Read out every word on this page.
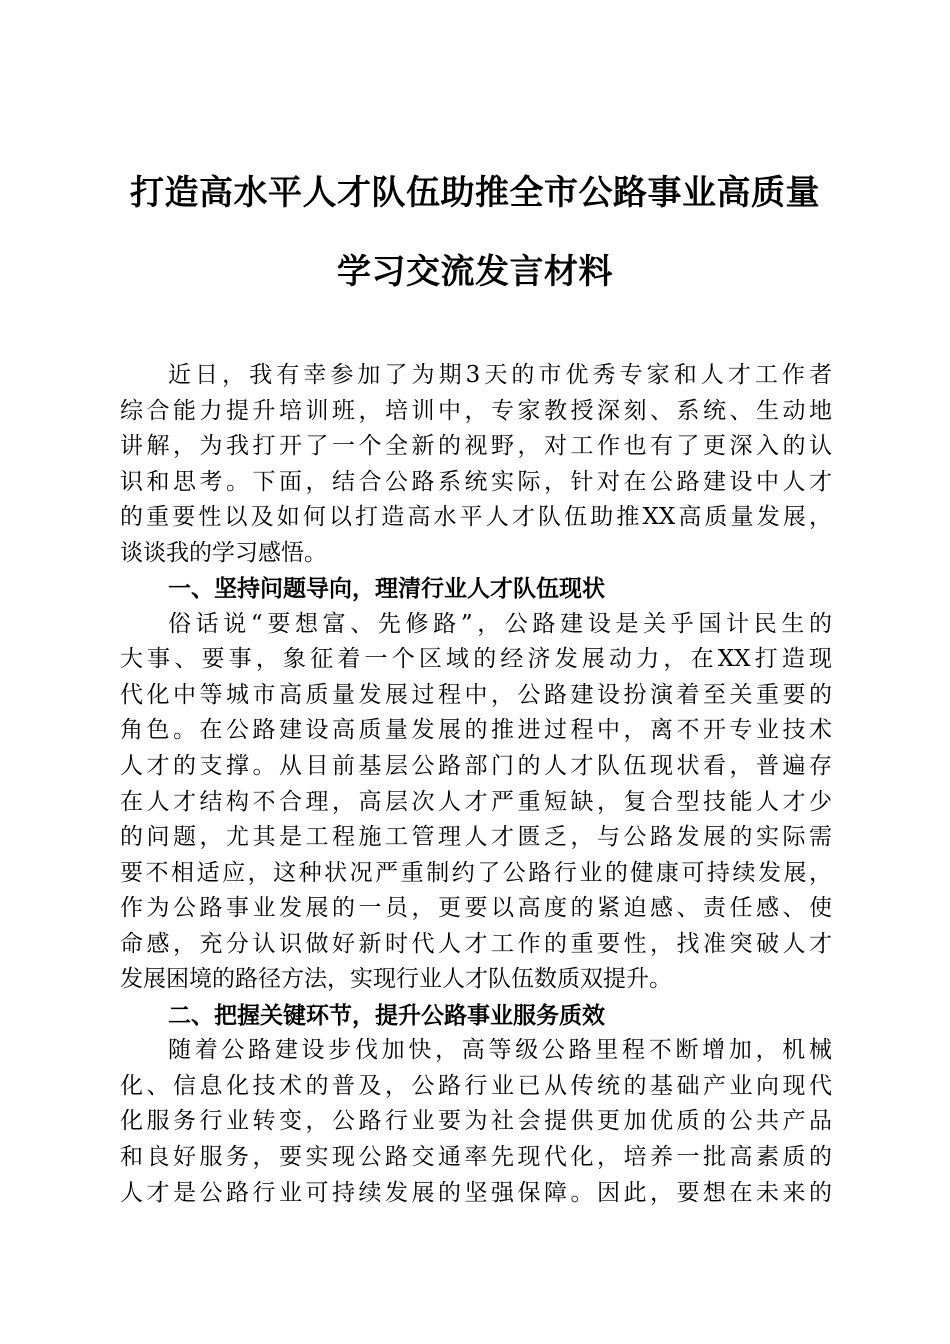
打造高水平人才队伍助推全市公路事业高质量
学习交流发言材料
近日，我有幸参加了为期3天的市优秀专家和人才工作者
综合能力提升培训班，培训中，专家教授深刻、系统、生动地
讲解，为我打开了一个全新的视野，对工作也有了更深入的认
识和思考。下面，结合公路系统实际，针对在公路建设中人才
的重要性以及如何以打造高水平人才队伍助推XX高质量发展，
谈谈我的学习感悟。
一、坚持问题导向，理清行业人才队伍现状
俗话说“要想富、先修路”，公路建设是关乎国计民生的
大事、要事，象征着一个区域的经济发展动力，在XX打造现
代化中等城市高质量发展过程中，公路建设扮演着至关重要的
角色。在公路建设高质量发展的推进过程中，离不开专业技术
人才的支撑。从目前基层公路部门的人才队伍现状看，普遍存
在人才结构不合理，高层次人才严重短缺，复合型技能人才少
的问题，尤其是工程施工管理人才匮乏，与公路发展的实际需
要不相适应，这种状况严重制约了公路行业的健康可持续发展，
作为公路事业发展的一员，更要以高度的紧迫感、责任感、使
命感，充分认识做好新时代人才工作的重要性，找准突破人才
发展困境的路径方法，实现行业人才队伍数质双提升。
二、把握关键环节，提升公路事业服务质效
随着公路建设步伐加快，高等级公路里程不断增加，机械
化、信息化技术的普及，公路行业已从传统的基础产业向现代
化服务行业转变，公路行业要为社会提供更加优质的公共产品
和良好服务，要实现公路交通率先现代化，培养一批高素质的
人才是公路行业可持续发展的坚强保障。因此，要想在未来的
